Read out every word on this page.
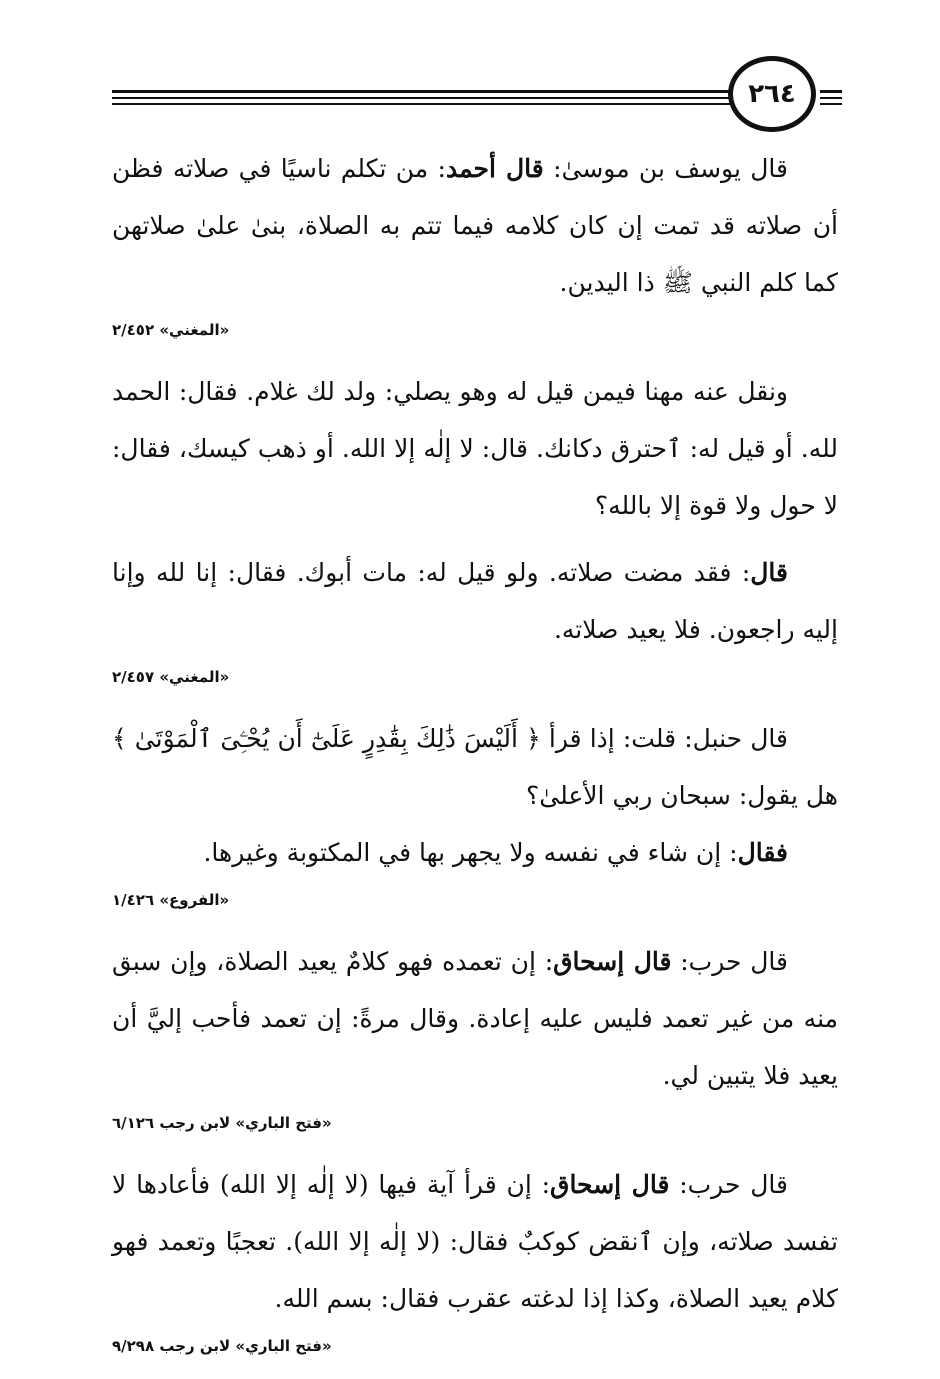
٢٦٤

قال يوسف بن موسىٰ: قال أحمد: من تكلم ناسيًا في صلاته فظن أن صلاته قد تمت إن كان كلامه فيما تتم به الصلاة، بنىٰ علىٰ صلاتهن كما كلم النبي ﷺ ذا اليدين.

«المغني» ٢/٤٥٢

ونقل عنه مهنا فيمن قيل له وهو يصلي: ولد لك غلام. فقال: الحمد لله. أو قيل له: ٱحترق دكانك. قال: لا إلٰه إلا الله. أو ذهب كيسك، فقال: لا حول ولا قوة إلا بالله؟

قال: فقد مضت صلاته. ولو قيل له: مات أبوك. فقال: إنا لله وإنا إليه راجعون. فلا يعيد صلاته.

«المغني» ٢/٤٥٧

قال حنبل: قلت: إذا قرأ ﴿ أَلَيْسَ ذَٰلِكَ بِقَٰدِرٍ عَلَىٰٓ أَن يُحْـِۧىَ ٱلْمَوْتَىٰ ﴾ هل يقول: سبحان ربي الأعلىٰ؟

فقال: إن شاء في نفسه ولا يجهر بها في المكتوبة وغيرها.

«الفروع» ١/٤٢٦

قال حرب: قال إسحاق: إن تعمده فهو كلامٌ يعيد الصلاة، وإن سبق منه من غير تعمد فليس عليه إعادة. وقال مرةً: إن تعمد فأحب إليَّ أن يعيد فلا يتبين لي.

«فتح الباري» لابن رجب ٦/١٢٦

قال حرب: قال إسحاق: إن قرأ آية فيها (لا إلٰه إلا الله) فأعادها لا تفسد صلاته، وإن ٱنقض كوكبٌ فقال: (لا إلٰه إلا الله). تعجبًا وتعمد فهو كلام يعيد الصلاة، وكذا إذا لدغته عقرب فقال: بسم الله.

«فتح الباري» لابن رجب ٩/٢٩٨
